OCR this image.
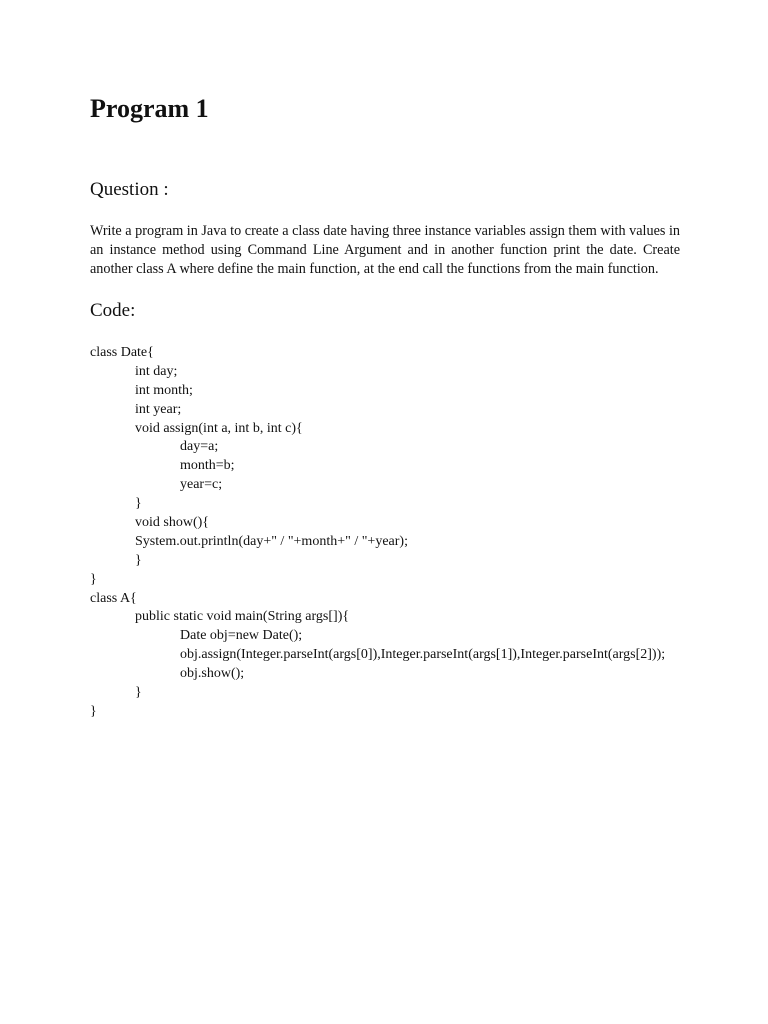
Program 1
Question :

Write a program in Java to create a class date having three instance variables assign them with values in an instance method using Command Line Argument and in another function print the date. Create another class A where define the main function, at the end call the functions from the main function.

Code:
class Date{
int day;
int month;
int year;
void assign(int a, int b, int c){
day=a;
month=b;
year=c;
}
void show(){
System.out.println(day+" / "+month+" / "+year);
}
}
class A{
public static void main(String args[]){
Date obj=new Date();
obj.assign(Integer.parseInt(args[0]),Integer.parseInt(args[1]),Integer.parseInt(args[2]));
obj.show();
}
}
